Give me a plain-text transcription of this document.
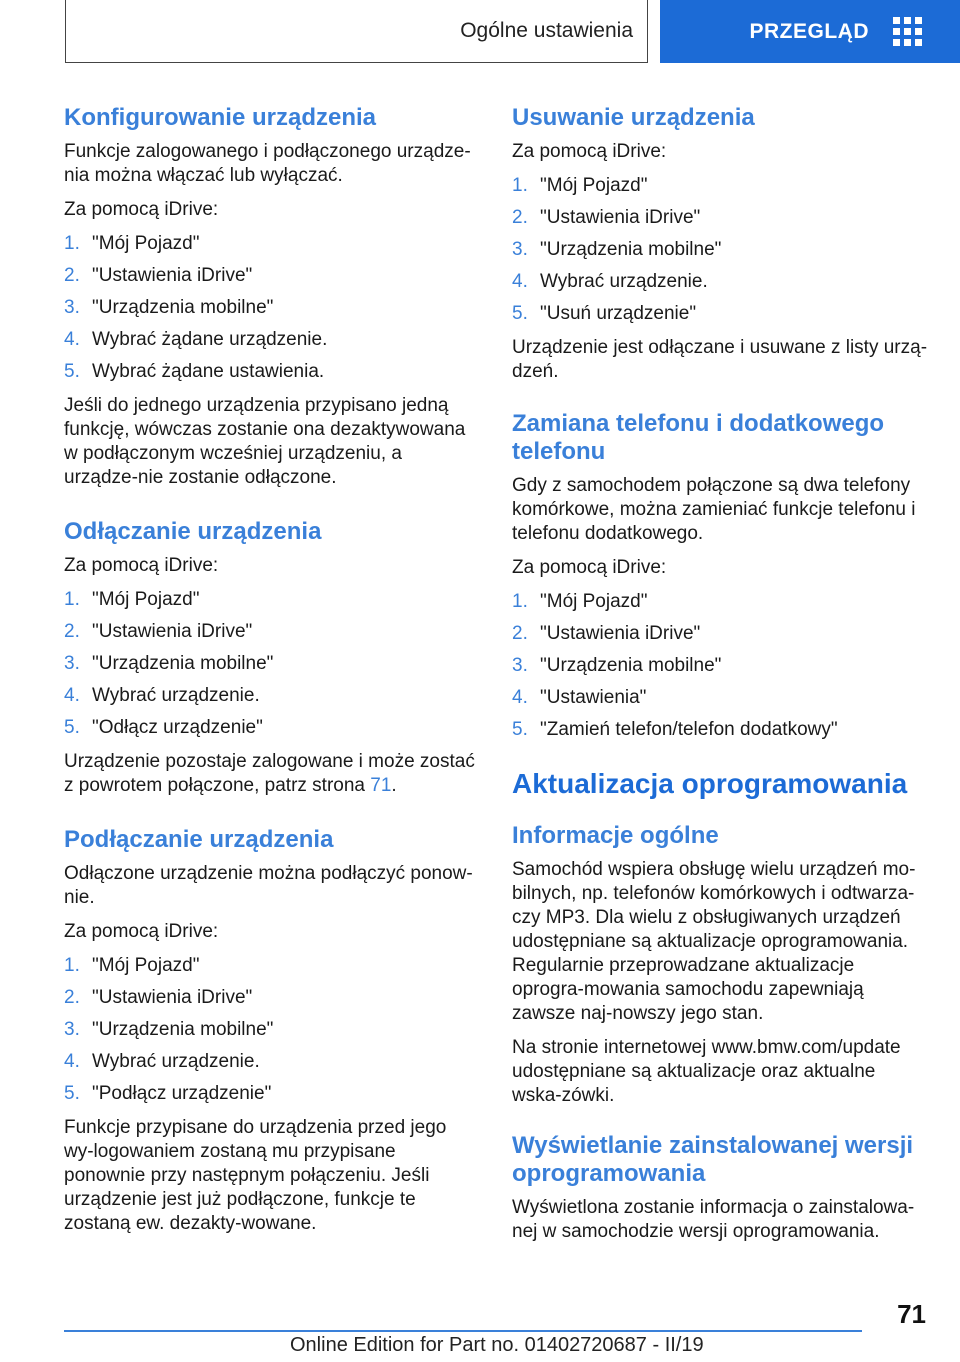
Ogólne ustawienia	PRZEGLĄD
Konfigurowanie urządzenia

Funkcje zalogowanego i podłączonego urządze-nia można włączać lub wyłączać.

Za pomocą iDrive:

1. "Mój Pojazd"
2. "Ustawienia iDrive"
3. "Urządzenia mobilne"
4. Wybrać żądane urządzenie.
5. Wybrać żądane ustawienia.

Jeśli do jednego urządzenia przypisano jedną funkcję, wówczas zostanie ona dezaktywowana w podłączonym wcześniej urządzeniu, a urządze-nie zostanie odłączone.

Odłączanie urządzenia

Za pomocą iDrive:

1. "Mój Pojazd"
2. "Ustawienia iDrive"
3. "Urządzenia mobilne"
4. Wybrać urządzenie.
5. "Odłącz urządzenie"

Urządzenie pozostaje zalogowane i może zostać z powrotem połączone, patrz strona 71.

Podłączanie urządzenia

Odłączone urządzenie można podłączyć ponow-nie.

Za pomocą iDrive:

1. "Mój Pojazd"
2. "Ustawienia iDrive"
3. "Urządzenia mobilne"
4. Wybrać urządzenie.
5. "Podłącz urządzenie"

Funkcje przypisane do urządzenia przed jego wy-logowaniem zostaną mu przypisane ponownie przy następnym połączeniu. Jeśli urządzenie jest już podłączone, funkcje te zostaną ew. dezakty-wowane.

Usuwanie urządzenia

Za pomocą iDrive:

1. "Mój Pojazd"
2. "Ustawienia iDrive"
3. "Urządzenia mobilne"
4. Wybrać urządzenie.
5. "Usuń urządzenie"

Urządzenie jest odłączane i usuwane z listy urzą-dzeń.

Zamiana telefonu i dodatkowego telefonu

Gdy z samochodem połączone są dwa telefony komórkowe, można zamieniać funkcje telefonu i telefonu dodatkowego.

Za pomocą iDrive:

1. "Mój Pojazd"
2. "Ustawienia iDrive"
3. "Urządzenia mobilne"
4. "Ustawienia"
5. "Zamień telefon/telefon dodatkowy"
Aktualizacja oprogramowania
Informacje ogólne

Samochód wspiera obsługę wielu urządzeń mo-bilnych, np. telefonów komórkowych i odtwarza-czy MP3. Dla wielu z obsługiwanych urządzeń udostępniane są aktualizacje oprogramowania. Regularnie przeprowadzane aktualizacje oprogra-mowania samochodu zapewniają zawsze naj-nowszy jego stan.

Na stronie internetowej www.bmw.com/update udostępniane są aktualizacje oraz aktualne wska-zówki.

Wyświetlanie zainstalowanej wersji oprogramowania

Wyświetlona zostanie informacja o zainstalowa-nej w samochodzie wersji oprogramowania.

71
Online Edition for Part no. 01402720687 - II/19
